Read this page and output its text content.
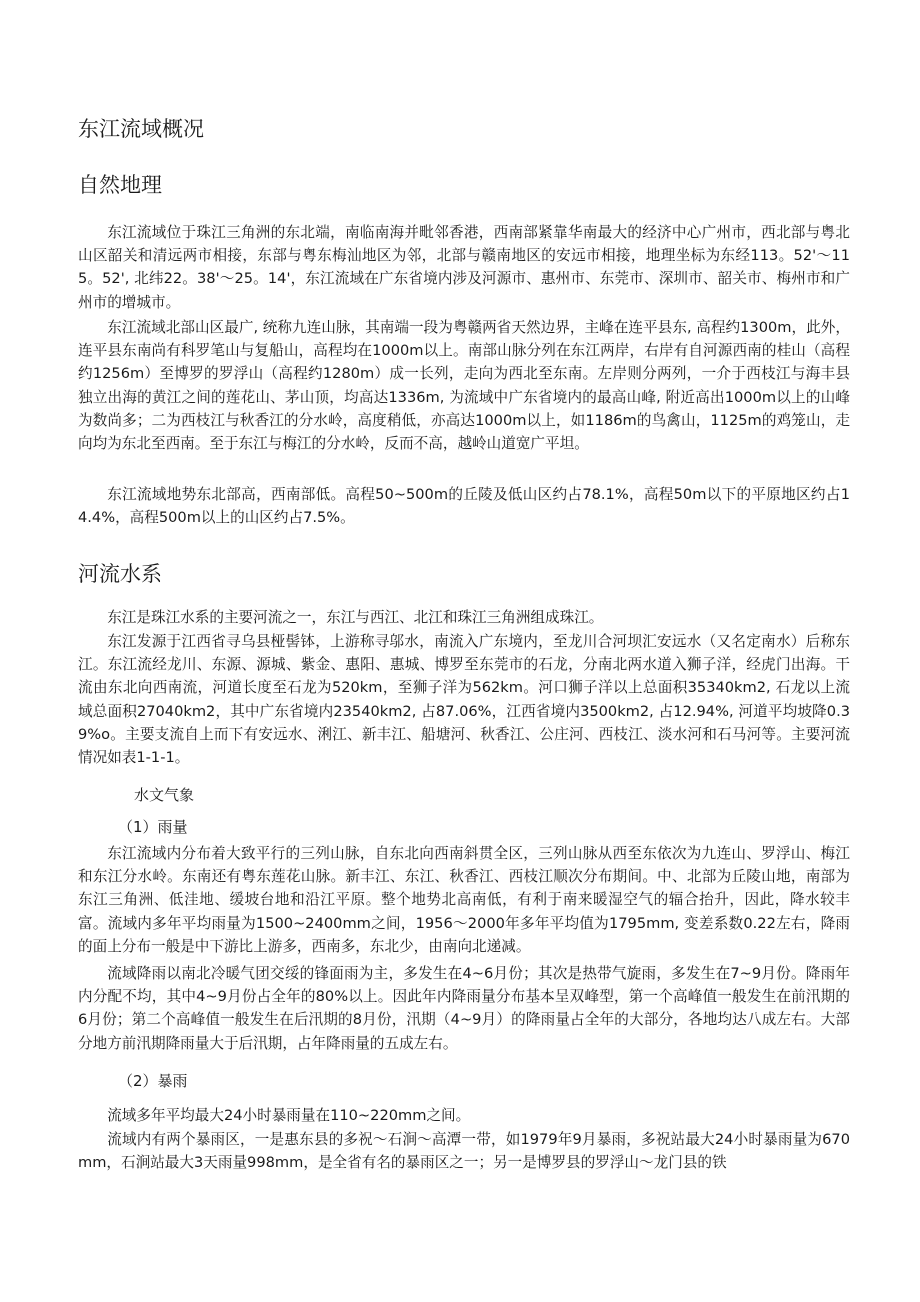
东江流域概况
自然地理

东江流域位于珠江三角洲的东北端，南临南海并毗邻香港，西南部紧靠华南最大的经济中心广州市，西北部与粤北山区韶关和清远两市相接，东部与粤东梅汕地区为邻，北部与赣南地区的安远市相接，地理坐标为东经113。52'〜115。52', 北纬22。38'〜25。14'，东江流域在广东省境内涉及河源市、惠州市、东莞市、深圳市、韶关市、梅州市和广州市的增城市。

东江流域北部山区最广, 统称九连山脉，其南端一段为粤赣两省天然边界，主峰在连平县东, 高程约1300m，此外，连平县东南尚有科罗笔山与复船山，高程均在1000m以上。南部山脉分列在东江两岸，右岸有自河源西南的桂山（高程约1256m）至博罗的罗浮山（高程约1280m）成一长列，走向为西北至东南。左岸则分两列，一介于西枝江与海丰县独立出海的黄江之间的莲花山、茅山顶，均高达1336m, 为流域中广东省境内的最高山峰, 附近高出1000m以上的山峰为数尚多；二为西枝江与秋香江的分水岭，高度稍低，亦高达1000m以上，如1186m的鸟禽山，1125m的鸡笼山，走向均为东北至西南。至于东江与梅江的分水岭，反而不高，越岭山道宽广平坦。

东江流域地势东北部高，西南部低。高程50~500m的丘陵及低山区约占78.1%，高程50m以下的平原地区约占14.4%，高程500m以上的山区约占7.5%。

河流水系

东江是珠江水系的主要河流之一，东江与西江、北江和珠江三角洲组成珠江。

东江发源于江西省寻乌县桠髻钵，上游称寻邬水，南流入广东境内，至龙川合河坝汇安远水（又名定南水）后称东江。东江流经龙川、东源、源城、紫金、惠阳、惠城、博罗至东莞市的石龙，分南北两水道入狮子洋，经虎门出海。干流由东北向西南流，河道长度至石龙为520km，至狮子洋为562km。河口狮子洋以上总面积35340km2, 石龙以上流域总面积27040km2，其中广东省境内23540km2, 占87.06%，江西省境内3500km2, 占12.94%, 河道平均坡降0.39%o。主要支流自上而下有安远水、浰江、新丰江、船塘河、秋香江、公庄河、西枝江、淡水河和石马河等。主要河流情况如表1-1-1。

水文气象
（1）雨量

东江流域内分布着大致平行的三列山脉，自东北向西南斜贯全区，三列山脉从西至东依次为九连山、罗浮山、梅江和东江分水岭。东南还有粤东莲花山脉。新丰江、东江、秋香江、西枝江顺次分布期间。中、北部为丘陵山地，南部为东江三角洲、低洼地、缓坡台地和沿江平原。整个地势北高南低，有利于南来暖湿空气的辐合抬升，因此，降水较丰富。流域内多年平均雨量为1500~2400mm之间，1956〜2000年多年平均值为1795mm, 变差系数0.22左右，降雨的面上分布一般是中下游比上游多，西南多，东北少，由南向北递减。

流域降雨以南北冷暖气团交绥的锋面雨为主，多发生在4~6月份；其次是热带气旋雨，多发生在7~9月份。降雨年内分配不均，其中4~9月份占全年的80%以上。因此年内降雨量分布基本呈双峰型，第一个高峰值一般发生在前汛期的6月份；第二个高峰值一般发生在后汛期的8月份，汛期（4~9月）的降雨量占全年的大部分，各地均达八成左右。大部分地方前汛期降雨量大于后汛期，占年降雨量的五成左右。

（2）暴雨

流域多年平均最大24小时暴雨量在110~220mm之间。

流域内有两个暴雨区，一是惠东县的多祝〜石涧〜高潭一带，如1979年9月暴雨，多祝站最大24小时暴雨量为670mm，石涧站最大3天雨量998mm，是全省有名的暴雨区之一；另一是博罗县的罗浮山〜龙门县的铁
